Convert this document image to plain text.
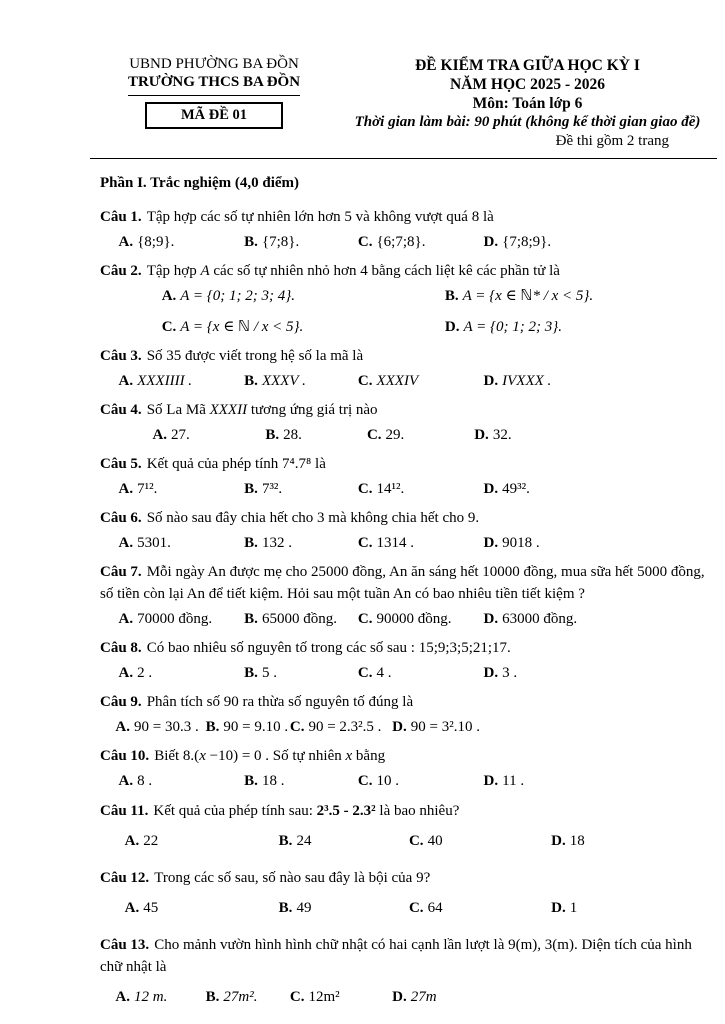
UBND PHƯỜNG BA ĐỒN
TRƯỜNG THCS BA ĐỒN
MÃ ĐỀ 01
ĐỀ KIỂM TRA GIỮA HỌC KỲ I
NĂM HỌC 2025 - 2026
Môn: Toán lớp 6
Thời gian làm bài: 90 phút (không kể thời gian giao đề)
Đề thi gồm 2 trang

Phần I. Trắc nghiệm (4,0 điểm)

Câu 1. Tập hợp các số tự nhiên lớn hơn 5 và không vượt quá 8 là

A. {8;9}.	B. {7;8}.	C. {6;7;8}.	D. {7;8;9}.

Câu 2. Tập hợp A các số tự nhiên nhỏ hơn 4 bằng cách liệt kê các phần tử là

A. A = {0; 1; 2; 3; 4}.	B. A = {x ∈ ℕ* / x < 5}.
C. A = {x ∈ ℕ / x < 5}.	D. A = {0; 1; 2; 3}.

Câu 3. Số 35 được viết trong hệ số la mã là

A. XXXIIII .	B. XXXV .	C. XXXIV	D. IVXXX .

Câu 4. Số La Mã XXXII tương ứng giá trị nào

A. 27.	B. 28.	C. 29.	D. 32.

Câu 5. Kết quả của phép tính 7⁴.7⁸ là

A. 7¹².	B. 7³².	C. 14¹².	D. 49³².

Câu 6. Số nào sau đây chia hết cho 3 mà không chia hết cho 9.

A. 5301.	B. 132 .	C. 1314 .	D. 9018 .

Câu 7. Mỗi ngày An được mẹ cho 25000 đồng, An ăn sáng hết 10000 đồng, mua sữa hết 5000 đồng, số tiền còn lại An để tiết kiệm. Hỏi sau một tuần An có bao nhiêu tiền tiết kiệm ?

A. 70000 đồng.	B. 65000 đồng.	C. 90000 đồng.	D. 63000 đồng.

Câu 8. Có bao nhiêu số nguyên tố trong các số sau : 15;9;3;5;21;17.

A. 2 .	B. 5 .	C. 4 .	D. 3 .

Câu 9. Phân tích số 90 ra thừa số nguyên tố đúng là

A. 90 = 30.3 . B. 90 = 9.10 . C. 90 = 2.3².5 . D. 90 = 3².10 .

Câu 10. Biết 8.(x −10) = 0 . Số tự nhiên x bằng

A. 8 .	B. 18 .	C. 10 .	D. 11 .

Câu 11. Kết quả của phép tính sau: 2³.5 - 2.3² là bao nhiêu?

A. 22	B. 24	C. 40	D. 18

Câu 12. Trong các số sau, số nào sau đây là bội của 9?

A. 45	B. 49	C. 64	D. 1

Câu 13. Cho mảnh vườn hình hình chữ nhật có hai cạnh lần lượt là 9(m), 3(m). Diện tích của hình chữ nhật là

A. 12 m.	B. 27m².	C. 12m²	D. 27m
